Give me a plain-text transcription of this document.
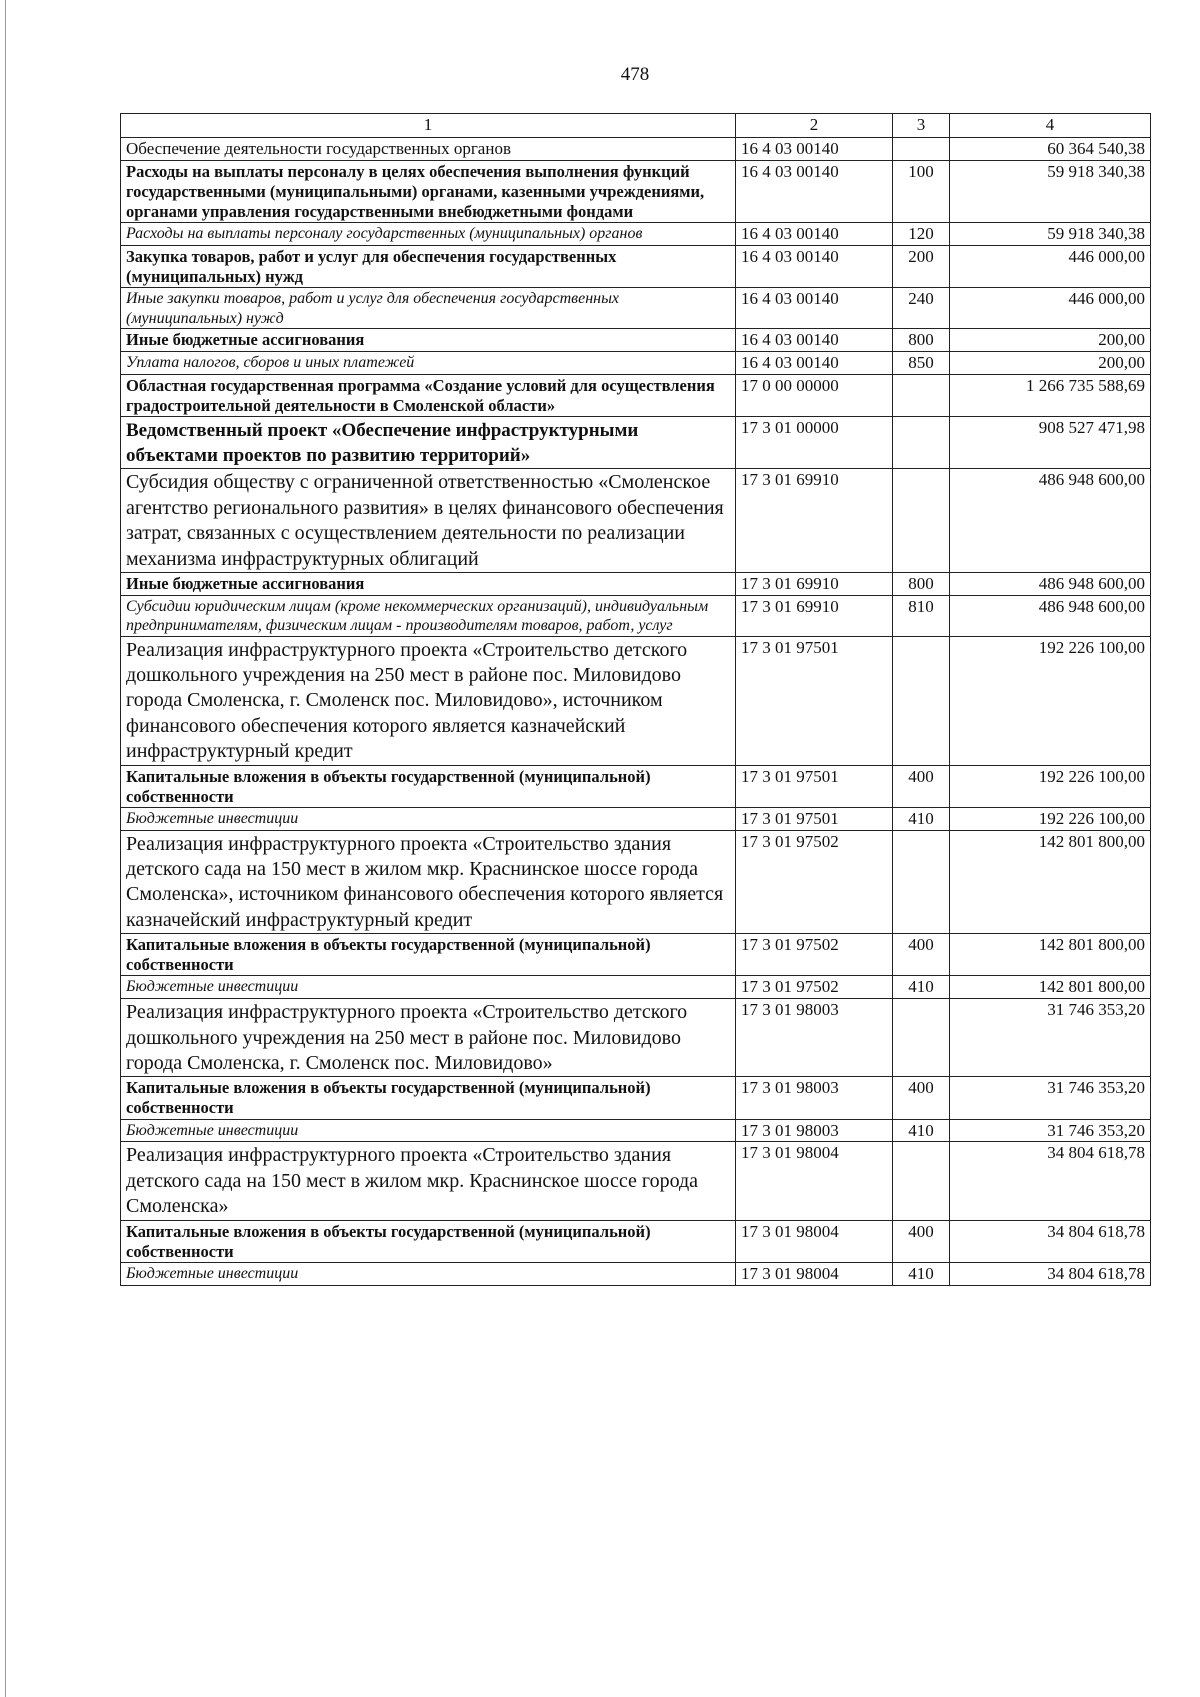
478
1	2	3	4
Обеспечение деятельности государственных органов	16 4 03 00140		60 364 540,38
Расходы на выплаты персоналу в целях обеспечения выполнения функций государственными (муниципальными) органами, казенными учреждениями, органами управления государственными внебюджетными фондами	16 4 03 00140	100	59 918 340,38
Расходы на выплаты персоналу государственных (муниципальных) органов	16 4 03 00140	120	59 918 340,38
Закупка товаров, работ и услуг для обеспечения государственных (муниципальных) нужд	16 4 03 00140	200	446 000,00
Иные закупки товаров, работ и услуг для обеспечения государственных (муниципальных) нужд	16 4 03 00140	240	446 000,00
Иные бюджетные ассигнования	16 4 03 00140	800	200,00
Уплата налогов, сборов и иных платежей	16 4 03 00140	850	200,00
Областная государственная программа «Создание условий для осуществления градостроительной деятельности в Смоленской области»	17 0 00 00000		1 266 735 588,69
Ведомственный проект «Обеспечение инфраструктурными объектами проектов по развитию территорий»	17 3 01 00000		908 527 471,98
Субсидия обществу с ограниченной ответственностью «Смоленское агентство регионального развития» в целях финансового обеспечения затрат, связанных с осуществлением деятельности по реализации механизма инфраструктурных облигаций	17 3 01 69910		486 948 600,00
Иные бюджетные ассигнования	17 3 01 69910	800	486 948 600,00
Субсидии юридическим лицам (кроме некоммерческих организаций), индивидуальным предпринимателям, физическим лицам - производителям товаров, работ, услуг	17 3 01 69910	810	486 948 600,00
Реализация инфраструктурного проекта «Строительство детского дошкольного учреждения на 250 мест в районе пос. Миловидово города Смоленска, г. Смоленск пос. Миловидово», источником финансового обеспечения которого является казначейский инфраструктурный кредит	17 3 01 97501		192 226 100,00
Капитальные вложения в объекты государственной (муниципальной) собственности	17 3 01 97501	400	192 226 100,00
Бюджетные инвестиции	17 3 01 97501	410	192 226 100,00
Реализация инфраструктурного проекта «Строительство здания детского сада на 150 мест в жилом мкр. Краснинское шоссе города Смоленска», источником финансового обеспечения которого является казначейский инфраструктурный кредит	17 3 01 97502		142 801 800,00
Капитальные вложения в объекты государственной (муниципальной) собственности	17 3 01 97502	400	142 801 800,00
Бюджетные инвестиции	17 3 01 97502	410	142 801 800,00
Реализация инфраструктурного проекта «Строительство детского дошкольного учреждения на 250 мест в районе пос. Миловидово города Смоленска, г. Смоленск пос. Миловидово»	17 3 01 98003		31 746 353,20
Капитальные вложения в объекты государственной (муниципальной) собственности	17 3 01 98003	400	31 746 353,20
Бюджетные инвестиции	17 3 01 98003	410	31 746 353,20
Реализация инфраструктурного проекта «Строительство здания детского сада на 150 мест в жилом мкр. Краснинское шоссе города Смоленска»	17 3 01 98004		34 804 618,78
Капитальные вложения в объекты государственной (муниципальной) собственности	17 3 01 98004	400	34 804 618,78
Бюджетные инвестиции	17 3 01 98004	410	34 804 618,78
